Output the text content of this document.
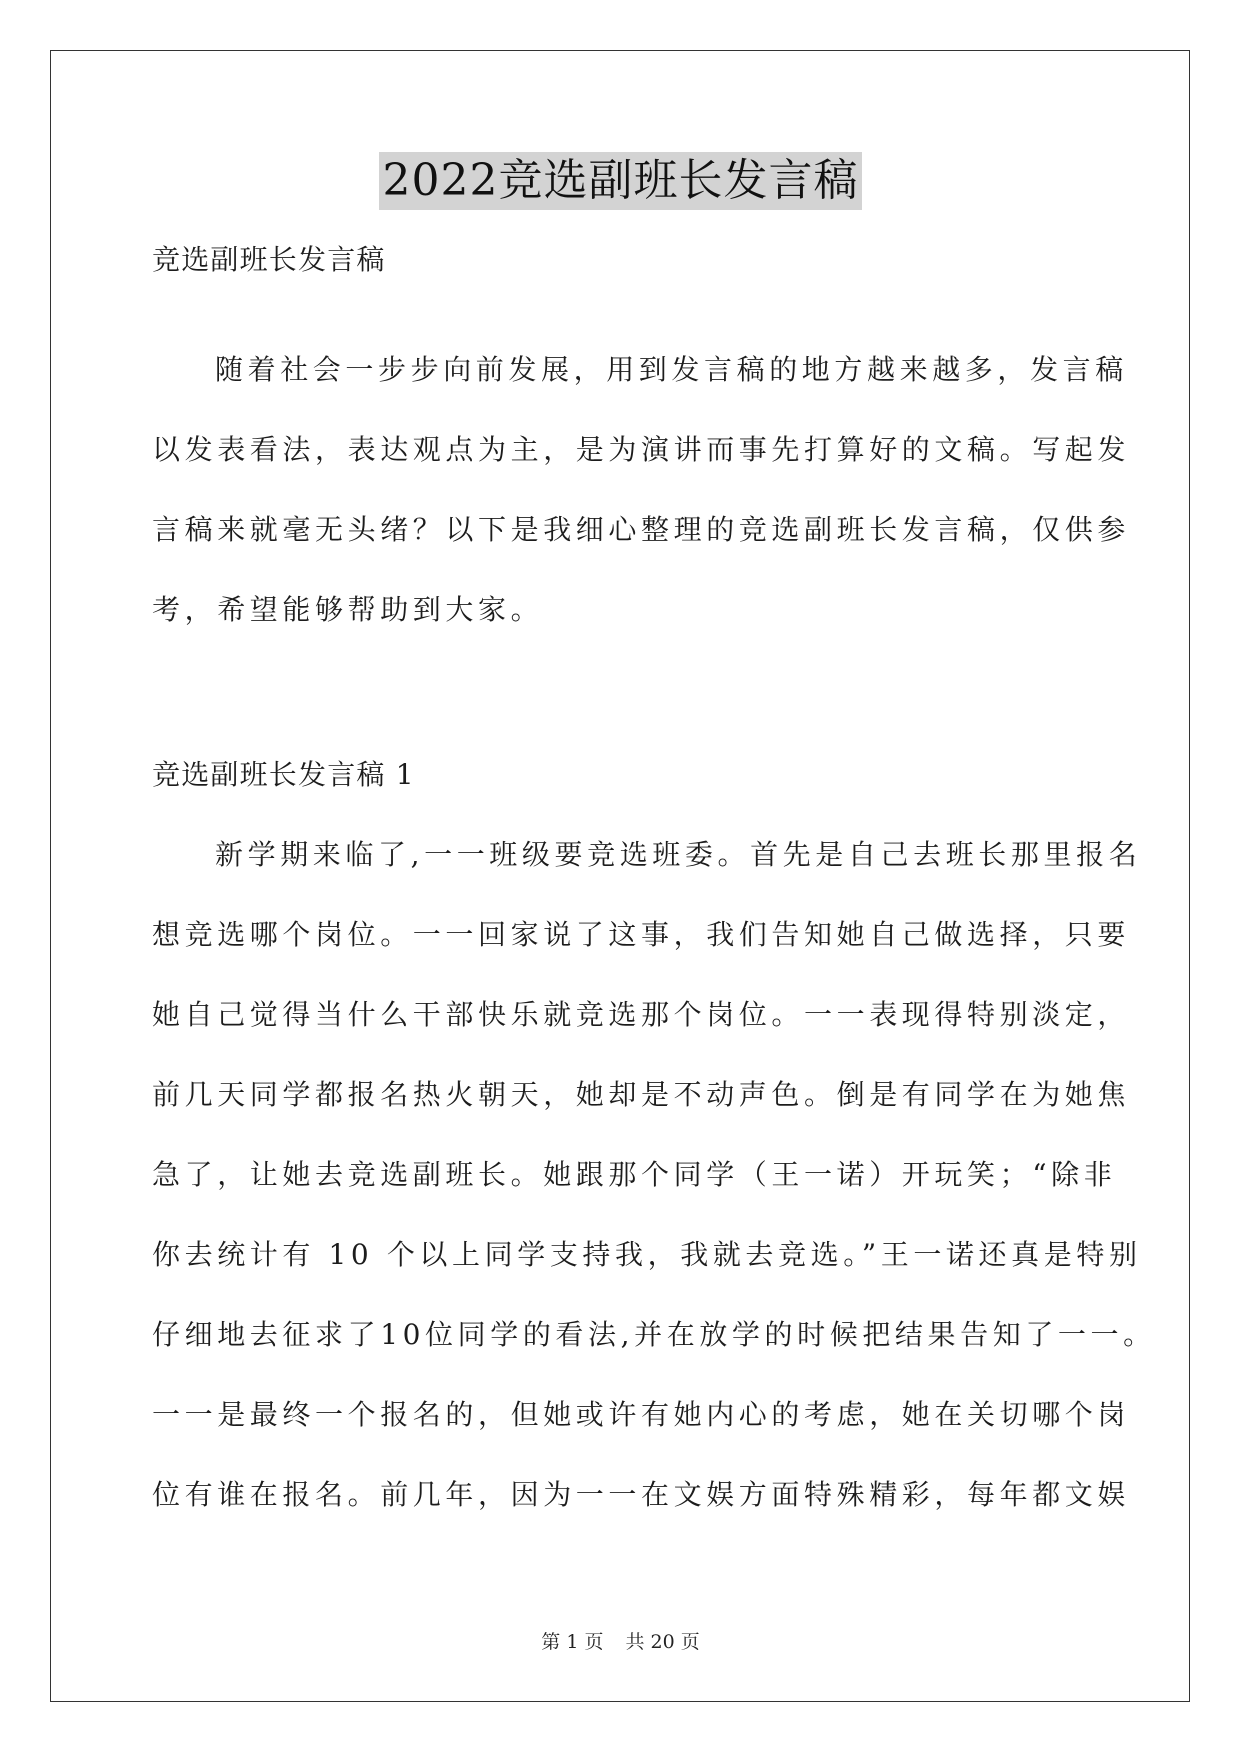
2022竞选副班长发言稿
竞选副班长发言稿
随着社会一步步向前发展，用到发言稿的地方越来越多，发言稿
以发表看法，表达观点为主，是为演讲而事先打算好的文稿。写起发
言稿来就毫无头绪？以下是我细心整理的竞选副班长发言稿，仅供参
考，希望能够帮助到大家。
竞选副班长发言稿 1
新学期来临了,一一班级要竞选班委。首先是自己去班长那里报名
想竞选哪个岗位。一一回家说了这事，我们告知她自己做选择，只要
她自己觉得当什么干部快乐就竞选那个岗位。一一表现得特别淡定，
前几天同学都报名热火朝天，她却是不动声色。倒是有同学在为她焦
急了，让她去竞选副班长。她跟那个同学（王一诺）开玩笑；“除非
你去统计有 10 个以上同学支持我，我就去竞选。”王一诺还真是特别
仔细地去征求了10位同学的看法,并在放学的时候把结果告知了一一。
一一是最终一个报名的，但她或许有她内心的考虑，她在关切哪个岗
位有谁在报名。前几年，因为一一在文娱方面特殊精彩，每年都文娱
第 1 页 共 20 页
